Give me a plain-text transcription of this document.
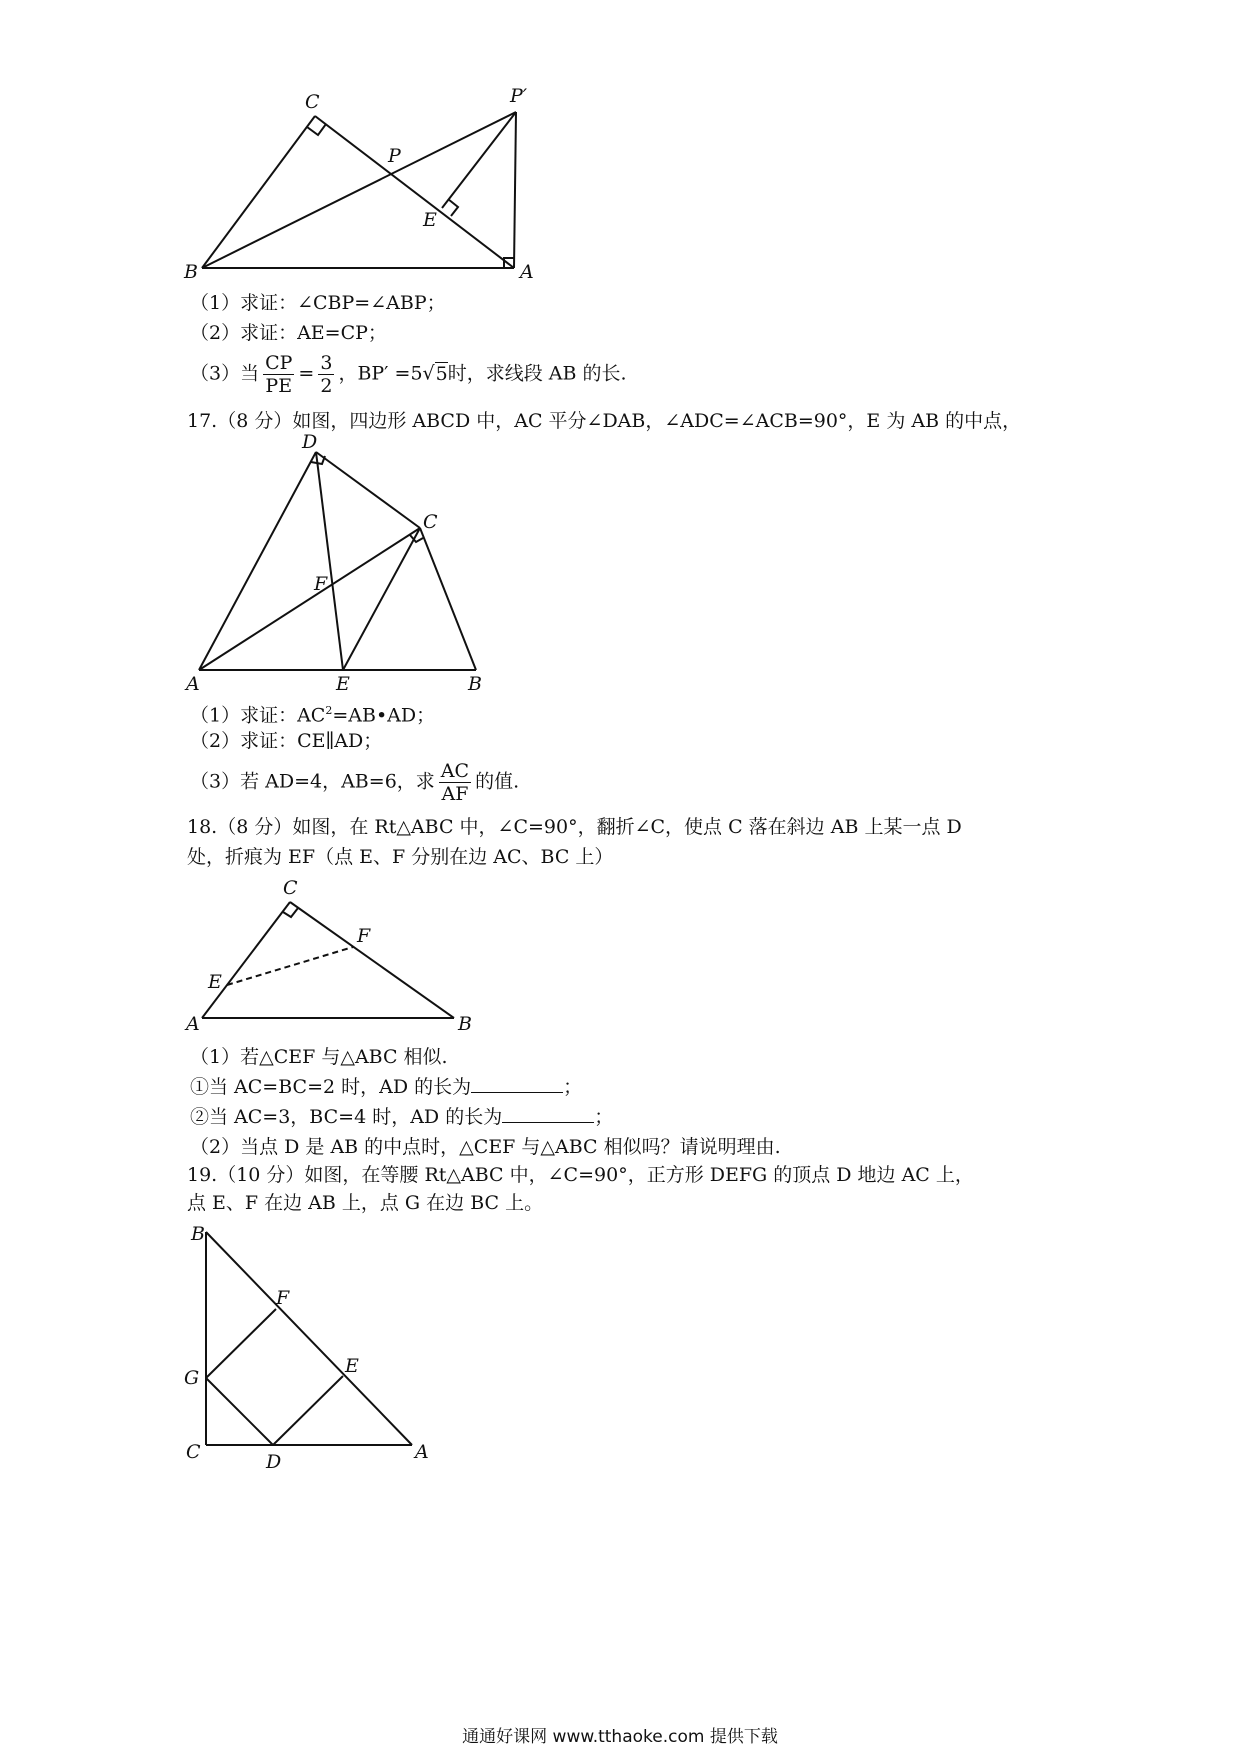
C	P′
P
E
B	A
（1）求证：∠CBP=∠ABP；
（2）求证：AE=CP；
（3）当 $\frac{CP}{PE} = \frac{3}{2}$ ，BP′ =5√5时，求线段 AB 的长.
17.（8 分）如图，四边形 ABCD 中，AC 平分∠DAB，∠ADC=∠ACB=90°，E 为 AB 的中点，
D
C
F
A	E	B
（1）求证：$AC^2=AB•AD$；
（2）求证：CE∥AD；
（3）若 AD=4，AB=6，求 $\frac{AC}{AF}$ 的值.
18.（8 分）如图，在 Rt△ABC 中，∠C=90°，翻折∠C，使点 C 落在斜边 AB 上某一点 D
处，折痕为 EF（点 E、F 分别在边 AC、BC 上）
C
F
E
A	B
（1）若△CEF 与△ABC 相似.
①当 AC=BC=2 时，AD 的长为	；
②当 AC=3，BC=4 时，AD 的长为	；
（2）当点 D 是 AB 的中点时，△CEF 与△ABC 相似吗？请说明理由.
19.（10 分）如图，在等腰 Rt△ABC 中，∠C=90°，正方形 DEFG 的顶点 D 地边 AC 上，
点 E、F 在边 AB 上，点 G 在边 BC 上。
B
F
G
E
C	D	A
通通好课网 www.tthaoke.com 提供下载
